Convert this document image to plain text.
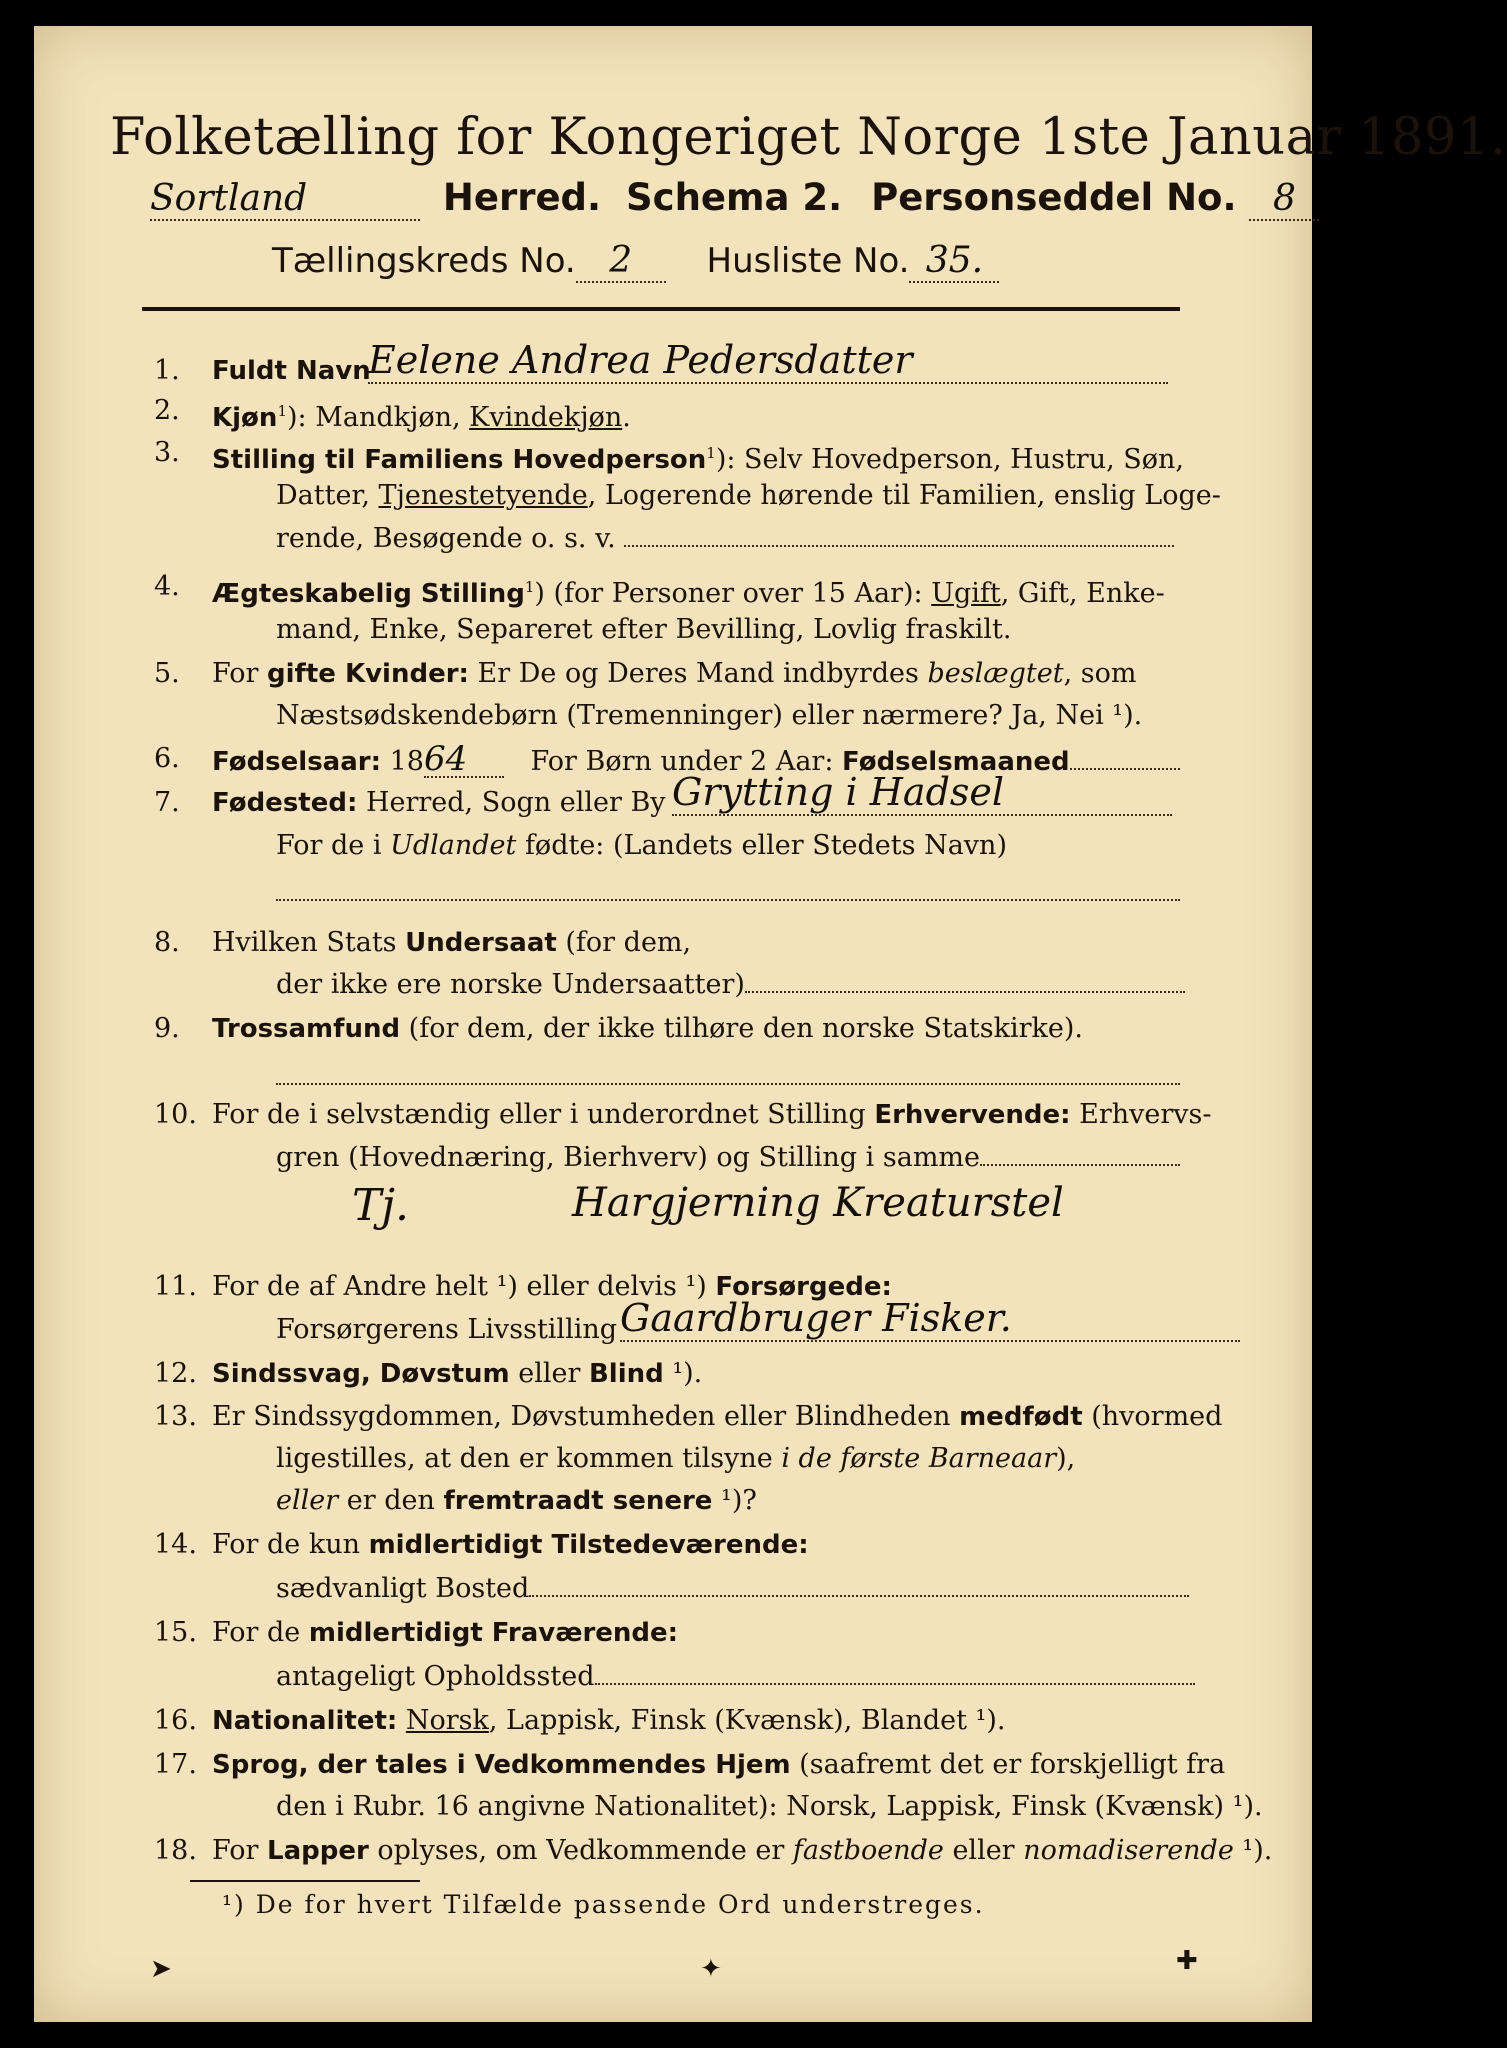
Folketælling for Kongeriget Norge 1ste Januar 1891.
Sortland	Herred. Schema 2. Personseddel No. 8
Tællingskreds No. 2 Husliste No. 35.
1.	Fuldt Navn
Eelene Andrea Pedersdatter
2.	Kjøn$^1$): Mandkjøn, Kvindekjøn.
3.	Stilling til Familiens Hovedperson$^1$): Selv Hovedperson, Hustru, Søn,
Datter, Tjenestetyende, Logerende hørende til Familien, enslig Loge-
rende, Besøgende o. s. v.
4.	Ægteskabelig Stilling$^1$) (for Personer over 15 Aar): Ugift, Gift, Enke-
mand, Enke, Separeret efter Bevilling, Lovlig fraskilt.
5.	For gifte Kvinder: Er De og Deres Mand indbyrdes beslægtet, som
Næstsødskendebørn (Tremenninger) eller nærmere? Ja, Nei ¹).
6.	Fødselsaar: 1864 For Børn under 2 Aar: Fødselsmaaned
7.	Fødested: Herred, Sogn eller By Grytting i Hadsel
For de i Udlandet fødte: (Landets eller Stedets Navn)
8.	Hvilken Stats Undersaat (for dem,
der ikke ere norske Undersaatter)
9.	Trossamfund (for dem, der ikke tilhøre den norske Statskirke).
10. For de i selvstændig eller i underordnet Stilling Erhvervende: Erhvervs-
gren (Hovednæring, Bierhverv) og Stilling i samme
Tj.	Hargjerning Kreaturstel
11. For de af Andre helt ¹) eller delvis ¹) Forsørgede:
Forsørgerens Livsstilling Gaardbruger Fisker.
12. Sindssvag, Døvstum eller Blind ¹).
13. Er Sindssygdommen, Døvstumheden eller Blindheden medfødt (hvormed
ligestilles, at den er kommen tilsyne i de første Barneaar),
eller er den fremtraadt senere ¹)?
14. For de kun midlertidigt Tilstedeværende:
sædvanligt Bosted
15. For de midlertidigt Fraværende:
antageligt Opholdssted
16. Nationalitet: Norsk, Lappisk, Finsk (Kvænsk), Blandet ¹).
17. Sprog, der tales i Vedkommendes Hjem (saafremt det er forskjelligt fra
den i Rubr. 16 angivne Nationalitet): Norsk, Lappisk, Finsk (Kvænsk) ¹).
18. For Lapper oplyses, om Vedkommende er fastboende eller nomadiserende ¹).
¹) De for hvert Tilfælde passende Ord understreges.
➤	✦	✚
